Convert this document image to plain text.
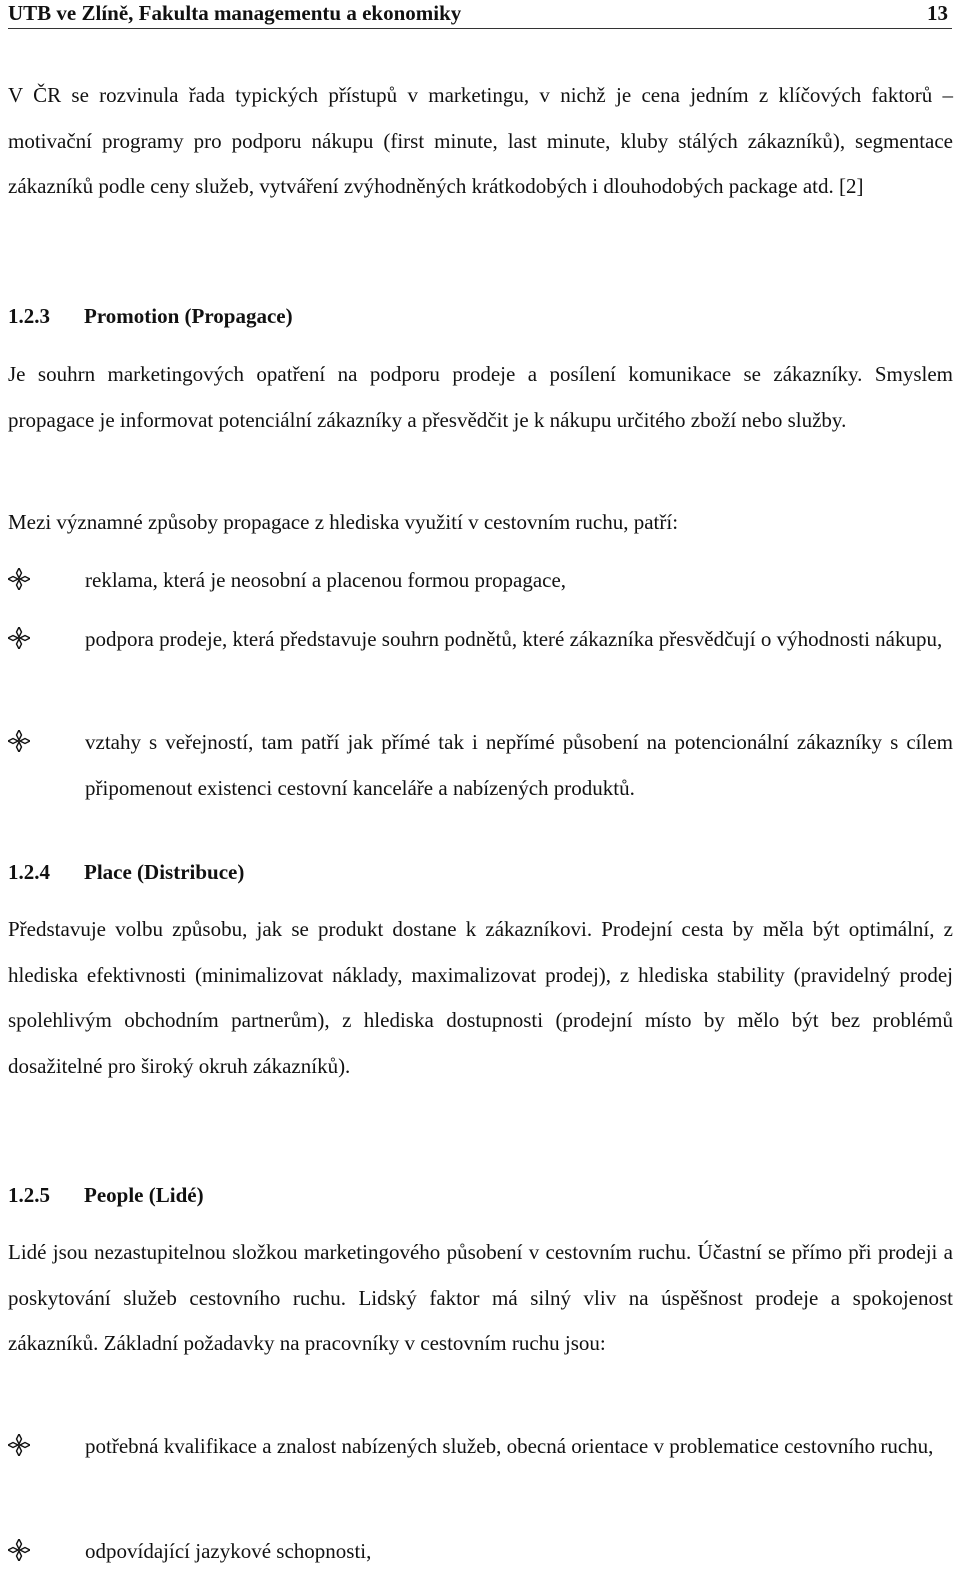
UTB ve Zlíně, Fakulta managementu a ekonomiky	13

V ČR se rozvinula řada typických přístupů v marketingu, v nichž je cena jedním z klíčových faktorů – motivační programy pro podporu nákupu (first minute, last minute, kluby stálých zákazníků), segmentace zákazníků podle ceny služeb, vytváření zvýhodněných krátkodobých i dlouhodobých package atd. [2]

1.2.3 Promotion (Propagace)

Je souhrn marketingových opatření na podporu prodeje a posílení komunikace se zákazníky. Smyslem propagace je informovat potenciální zákazníky a přesvědčit je k nákupu určitého zboží nebo služby.

Mezi významné způsoby propagace z hlediska využití v cestovním ruchu, patří:

reklama, která je neosobní a placenou formou propagace,
podpora prodeje, která představuje souhrn podnětů, které zákazníka přesvědčují o výhodnosti nákupu,
vztahy s veřejností, tam patří jak přímé tak i nepřímé působení na potencionální zákazníky s cílem připomenout existenci cestovní kanceláře a nabízených produktů.
1.2.4 Place (Distribuce)

Představuje volbu způsobu, jak se produkt dostane k zákazníkovi. Prodejní cesta by měla být optimální, z hlediska efektivnosti (minimalizovat náklady, maximalizovat prodej), z hlediska stability (pravidelný prodej spolehlivým obchodním partnerům), z hlediska dostupnosti (prodejní místo by mělo být bez problémů dosažitelné pro široký okruh zákazníků).

1.2.5 People (Lidé)

Lidé jsou nezastupitelnou složkou marketingového působení v cestovním ruchu. Účastní se přímo při prodeji a poskytování služeb cestovního ruchu. Lidský faktor má silný vliv na úspěšnost prodeje a spokojenost zákazníků. Základní požadavky na pracovníky v cestovním ruchu jsou:

potřebná kvalifikace a znalost nabízených služeb, obecná orientace v problematice cestovního ruchu,
odpovídající jazykové schopnosti,
